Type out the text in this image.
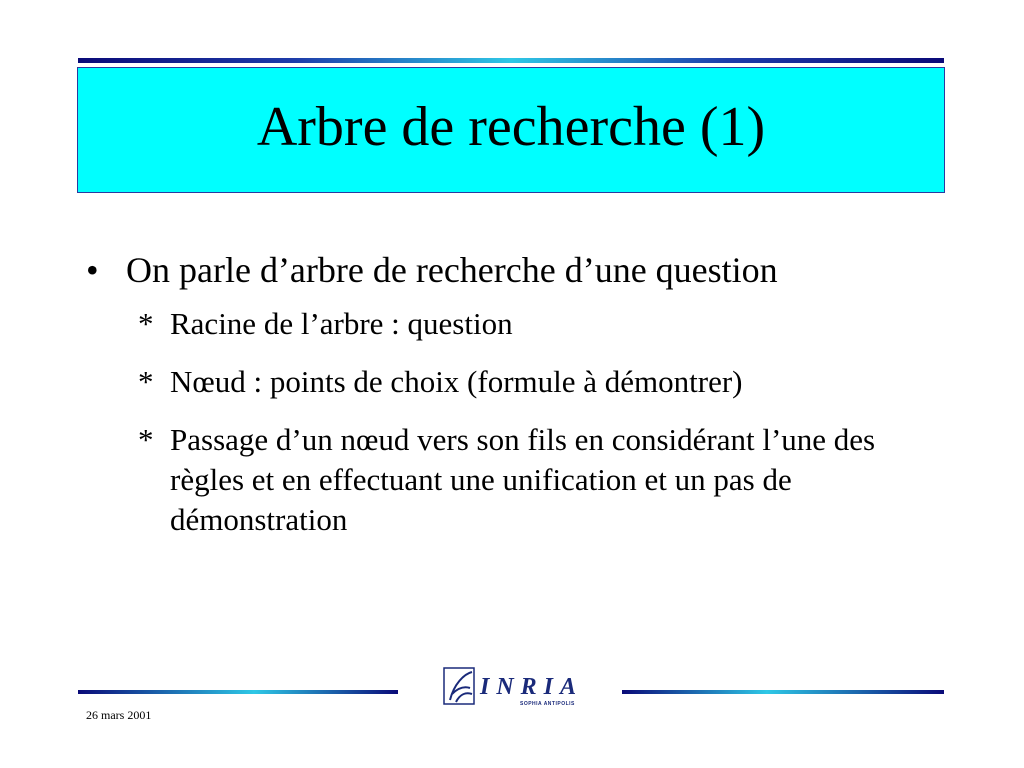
Arbre de recherche (1)
• On parle d’arbre de recherche d’une question
* Racine de l’arbre : question
* Nœud : points de choix (formule à démontrer)
* Passage d’un nœud vers son fils en considérant l’une des règles et en effectuant une unification et un pas de démonstration
INRIA
SOPHIA ANTIPOLIS
26 mars 2001
